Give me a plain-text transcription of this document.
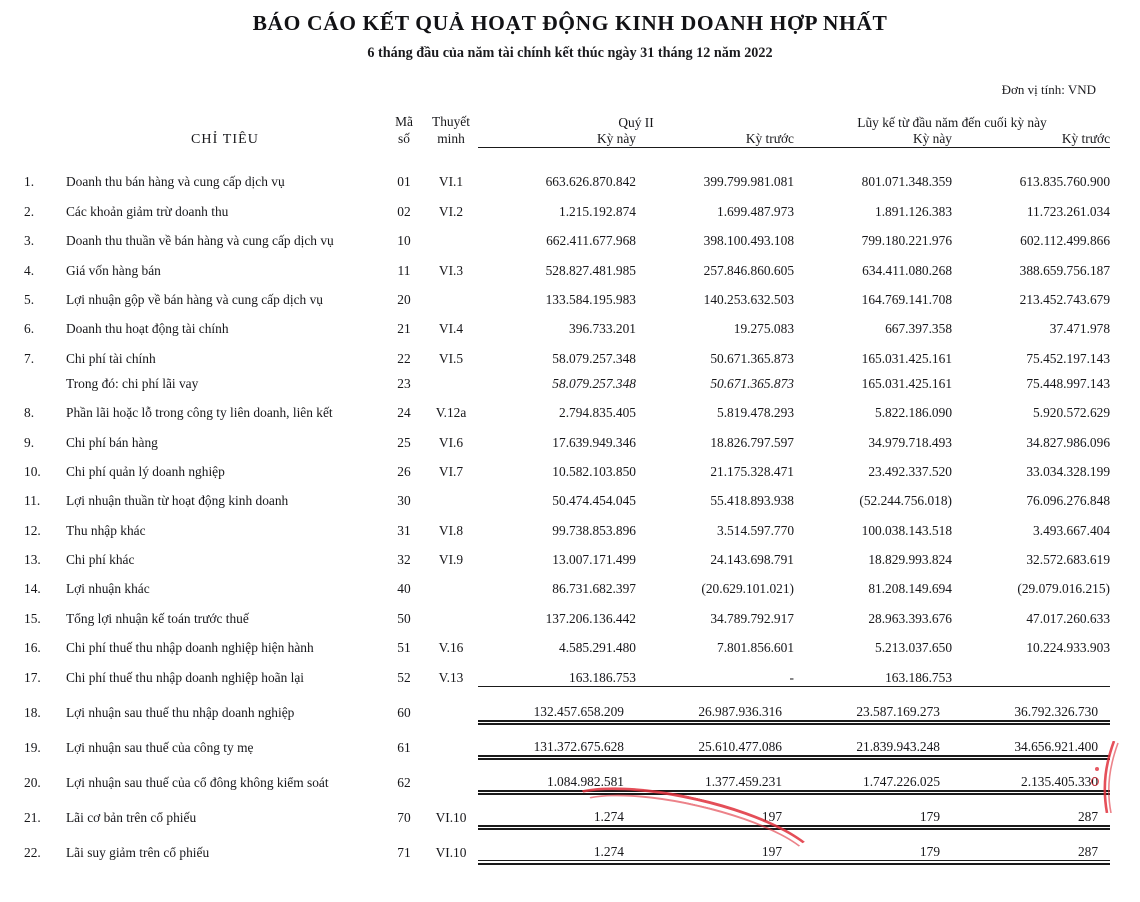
BÁO CÁO KẾT QUẢ HOẠT ĐỘNG KINH DOANH HỢP NHẤT
6 tháng đầu của năm tài chính kết thúc ngày 31 tháng 12 năm 2022
Đơn vị tính: VND
		Mã	Thuyết	Quý II		Lũy kế từ đầu năm đến cuối kỳ này	
	CHỈ TIÊU	số	minh	Kỳ này	Kỳ trước	Kỳ này	Kỳ trước

1.	Doanh thu bán hàng và cung cấp dịch vụ	01	VI.1	663.626.870.842	399.799.981.081	801.071.348.359	613.835.760.900
2.	Các khoản giảm trừ doanh thu	02	VI.2	1.215.192.874	1.699.487.973	1.891.126.383	11.723.261.034
3.	Doanh thu thuần về bán hàng và cung cấp dịch vụ	10		662.411.677.968	398.100.493.108	799.180.221.976	602.112.499.866
4.	Giá vốn hàng bán	11	VI.3	528.827.481.985	257.846.860.605	634.411.080.268	388.659.756.187
5.	Lợi nhuận gộp về bán hàng và cung cấp dịch vụ	20		133.584.195.983	140.253.632.503	164.769.141.708	213.452.743.679
6.	Doanh thu hoạt động tài chính	21	VI.4	396.733.201	19.275.083	667.397.358	37.471.978
7.	Chi phí tài chính	22	VI.5	58.079.257.348	50.671.365.873	165.031.425.161	75.452.197.143
	Trong đó: chi phí lãi vay	23		58.079.257.348	50.671.365.873	165.031.425.161	75.448.997.143
8.	Phần lãi hoặc lỗ trong công ty liên doanh, liên kết	24	V.12a	2.794.835.405	5.819.478.293	5.822.186.090	5.920.572.629
9.	Chi phí bán hàng	25	VI.6	17.639.949.346	18.826.797.597	34.979.718.493	34.827.986.096
10.	Chi phí quản lý doanh nghiệp	26	VI.7	10.582.103.850	21.175.328.471	23.492.337.520	33.034.328.199
11.	Lợi nhuận thuần từ hoạt động kinh doanh	30		50.474.454.045	55.418.893.938	(52.244.756.018)	76.096.276.848
12.	Thu nhập khác	31	VI.8	99.738.853.896	3.514.597.770	100.038.143.518	3.493.667.404
13.	Chi phí khác	32	VI.9	13.007.171.499	24.143.698.791	18.829.993.824	32.572.683.619
14.	Lợi nhuận khác	40		86.731.682.397	(20.629.101.021)	81.208.149.694	(29.079.016.215)
15.	Tổng lợi nhuận kế toán trước thuế	50		137.206.136.442	34.789.792.917	28.963.393.676	47.017.260.633
16.	Chi phí thuế thu nhập doanh nghiệp hiện hành	51	V.16	4.585.291.480	7.801.856.601	5.213.037.650	10.224.933.903
17.	Chi phí thuế thu nhập doanh nghiệp hoãn lại	52	V.13	163.186.753	-	163.186.753	
18.	Lợi nhuận sau thuế thu nhập doanh nghiệp	60		132.457.658.209	26.987.936.316	23.587.169.273	36.792.326.730
19.	Lợi nhuận sau thuế của công ty mẹ	61		131.372.675.628	25.610.477.086	21.839.943.248	34.656.921.400
20.	Lợi nhuận sau thuế của cổ đông không kiểm soát	62		1.084.982.581	1.377.459.231	1.747.226.025	2.135.405.330
21.	Lãi cơ bản trên cổ phiếu	70	VI.10	1.274	197	179	287
22.	Lãi suy giảm trên cổ phiếu	71	VI.10	1.274	197	179	287
